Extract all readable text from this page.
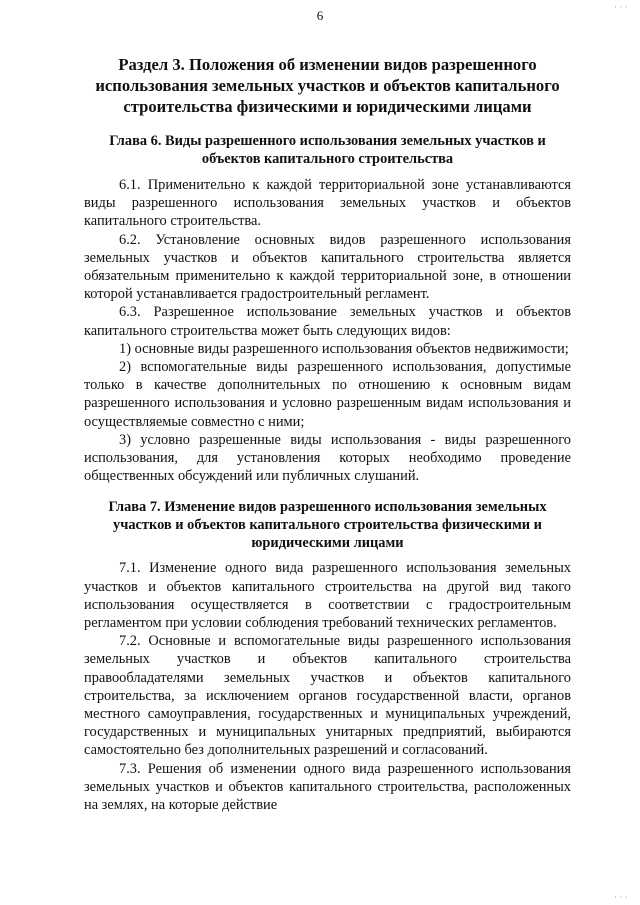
6
· · ·
· · ·
Раздел 3. Положения об изменении видов разрешенного использования земельных участков и объектов капитального строительства физическими и юридическими лицами
Глава 6. Виды разрешенного использования земельных участков и объектов капитального строительства

6.1. Применительно к каждой территориальной зоне устанавливаются виды разрешенного использования земельных участков и объектов капитального строительства.

6.2. Установление основных видов разрешенного использования земельных участков и объектов капитального строительства является обязательным применительно к каждой территориальной зоне, в отношении которой устанавливается градостроительный регламент.

6.3. Разрешенное использование земельных участков и объектов капитального строительства может быть следующих видов:

1) основные виды разрешенного использования объектов недвижимости;

2) вспомогательные виды разрешенного использования, допустимые только в качестве дополнительных по отношению к основным видам разрешенного использования и условно разрешенным видам использования и осуществляемые совместно с ними;

3) условно разрешенные виды использования - виды разрешенного использования, для установления которых необходимо проведение общественных обсуждений или публичных слушаний.

Глава 7. Изменение видов разрешенного использования земельных участков и объектов капитального строительства физическими и юридическими лицами

7.1. Изменение одного вида разрешенного использования земельных участков и объектов капитального строительства на другой вид такого использования осуществляется в соответствии с градостроительным регламентом при условии соблюдения требований технических регламентов.

7.2. Основные и вспомогательные виды разрешенного использования земельных участков и объектов капитального строительства правообладателями земельных участков и объектов капитального строительства, за исключением органов государственной власти, органов местного самоуправления, государственных и муниципальных учреждений, государственных и муниципальных унитарных предприятий, выбираются самостоятельно без дополнительных разрешений и согласований.

7.3. Решения об изменении одного вида разрешенного использования земельных участков и объектов капитального строительства, расположенных на землях, на которые действие
